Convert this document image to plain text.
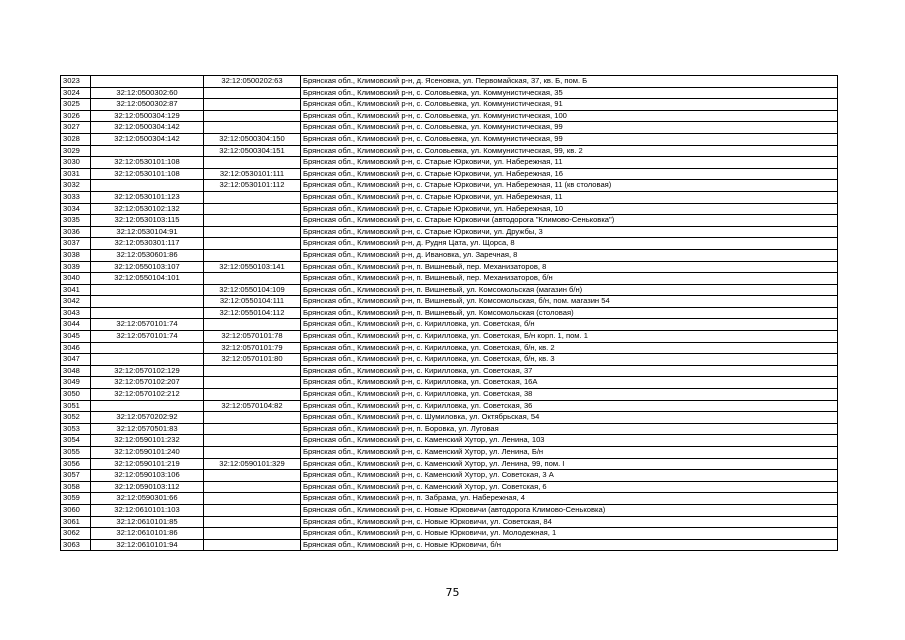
3023		32:12:0500202:63	Брянская обл., Климовский р-н, д. Ясеновка, ул. Первомайская, 37, кв. Б, пом. Б
3024	32:12:0500302:60		Брянская обл., Климовский р-н, с. Соловьевка, ул. Коммунистическая, 35
3025	32:12:0500302:87		Брянская обл., Климовский р-н, с. Соловьевка, ул. Коммунистическая, 91
3026	32:12:0500304:129		Брянская обл., Климовский р-н, с. Соловьевка, ул. Коммунистическая, 100
3027	32:12:0500304:142		Брянская обл., Климовский р-н, с. Соловьевка, ул. Коммунистическая, 99
3028	32:12:0500304:142	32:12:0500304:150	Брянская обл., Климовский р-н, с. Соловьевка, ул. Коммунистическая, 99
3029		32:12:0500304:151	Брянская обл., Климовский р-н, с. Соловьевка, ул. Коммунистическая, 99, кв. 2
3030	32:12:0530101:108		Брянская обл., Климовский р-н, с. Старые Юрковичи, ул. Набережная, 11
3031	32:12:0530101:108	32:12:0530101:111	Брянская обл., Климовский р-н, с. Старые Юрковичи, ул. Набережная, 16
3032		32:12:0530101:112	Брянская обл., Климовский р-н, с. Старые Юрковичи, ул. Набережная, 11 (кв столовая)
3033	32:12:0530101:123		Брянская обл., Климовский р-н, с. Старые Юрковичи, ул. Набережная, 11
3034	32:12:0530102:132		Брянская обл., Климовский р-н, с. Старые Юрковичи, ул. Набережная, 10
3035	32:12:0530103:115		Брянская обл., Климовский р-н, с. Старые Юрковичи (автодорога "Климово-Сеньковка")
3036	32:12:0530104:91		Брянская обл., Климовский р-н, с. Старые Юрковичи, ул. Дружбы, 3
3037	32:12:0530301:117		Брянская обл., Климовский р-н, д. Рудня Цата, ул. Щорса, 8
3038	32:12:0530601:86		Брянская обл., Климовский р-н, д. Ивановка, ул. Заречная, 8
3039	32:12:0550103:107	32:12:0550103:141	Брянская обл., Климовский р-н, п. Вишневый, пер. Механизаторов, 8
3040	32:12:0550104:101		Брянская обл., Климовский р-н, п. Вишневый, пер. Механизаторов, б/н
3041		32:12:0550104:109	Брянская обл., Климовский р-н, п. Вишневый, ул. Комсомольская (магазин б/н)
3042		32:12:0550104:111	Брянская обл., Климовский р-н, п. Вишневый, ул. Комсомольская, б/н, пом. магазин 54
3043		32:12:0550104:112	Брянская обл., Климовский р-н, п. Вишневый, ул. Комсомольская (столовая)
3044	32:12:0570101:74		Брянская обл., Климовский р-н, с. Кирилловка, ул. Советская, б/н
3045	32:12:0570101:74	32:12:0570101:78	Брянская обл., Климовский р-н, с. Кирилловка, ул. Советская, Б/н корп. 1, пом. 1
3046		32:12:0570101:79	Брянская обл., Климовский р-н, с. Кирилловка, ул. Советская, б/н, кв. 2
3047		32:12:0570101:80	Брянская обл., Климовский р-н, с. Кирилловка, ул. Советская, б/н, кв. 3
3048	32:12:0570102:129		Брянская обл., Климовский р-н, с. Кирилловка, ул. Советская, 37
3049	32:12:0570102:207		Брянская обл., Климовский р-н, с. Кирилловка, ул. Советская, 16А
3050	32:12:0570102:212		Брянская обл., Климовский р-н, с. Кирилловка, ул. Советская, 38
3051		32:12:0570104:82	Брянская обл., Климовский р-н, с. Кирилловка, ул. Советская, 36
3052	32:12:0570202:92		Брянская обл., Климовский р-н, с. Шумиловка, ул. Октябрьская, 54
3053	32:12:0570501:83		Брянская обл., Климовский р-н, п. Боровка, ул. Луговая
3054	32:12:0590101:232		Брянская обл., Климовский р-н, с. Каменский Хутор, ул. Ленина, 103
3055	32:12:0590101:240		Брянская обл., Климовский р-н, с. Каменский Хутор, ул. Ленина, Б/н
3056	32:12:0590101:219	32:12:0590101:329	Брянская обл., Климовский р-н, с. Каменский Хутор, ул. Ленина, 99, пом. I
3057	32:12:0590103:106		Брянская обл., Климовский р-н, с. Каменский Хутор, ул. Советская, 3 А
3058	32:12:0590103:112		Брянская обл., Климовский р-н, с. Каменский Хутор, ул. Советская, 6
3059	32:12:0590301:66		Брянская обл., Климовский р-н, п. Забрама, ул. Набережная, 4
3060	32:12:0610101:103		Брянская обл., Климовский р-н, с. Новые Юрковичи (автодорога Климово-Сеньковка)
3061	32:12:0610101:85		Брянская обл., Климовский р-н, с. Новые Юрковичи, ул. Советская, 84
3062	32:12:0610101:86		Брянская обл., Климовский р-н, с. Новые Юрковичи, ул. Молодежная, 1
3063	32:12:0610101:94		Брянская обл., Климовский р-н, с. Новые Юрковичи, б/н
75
